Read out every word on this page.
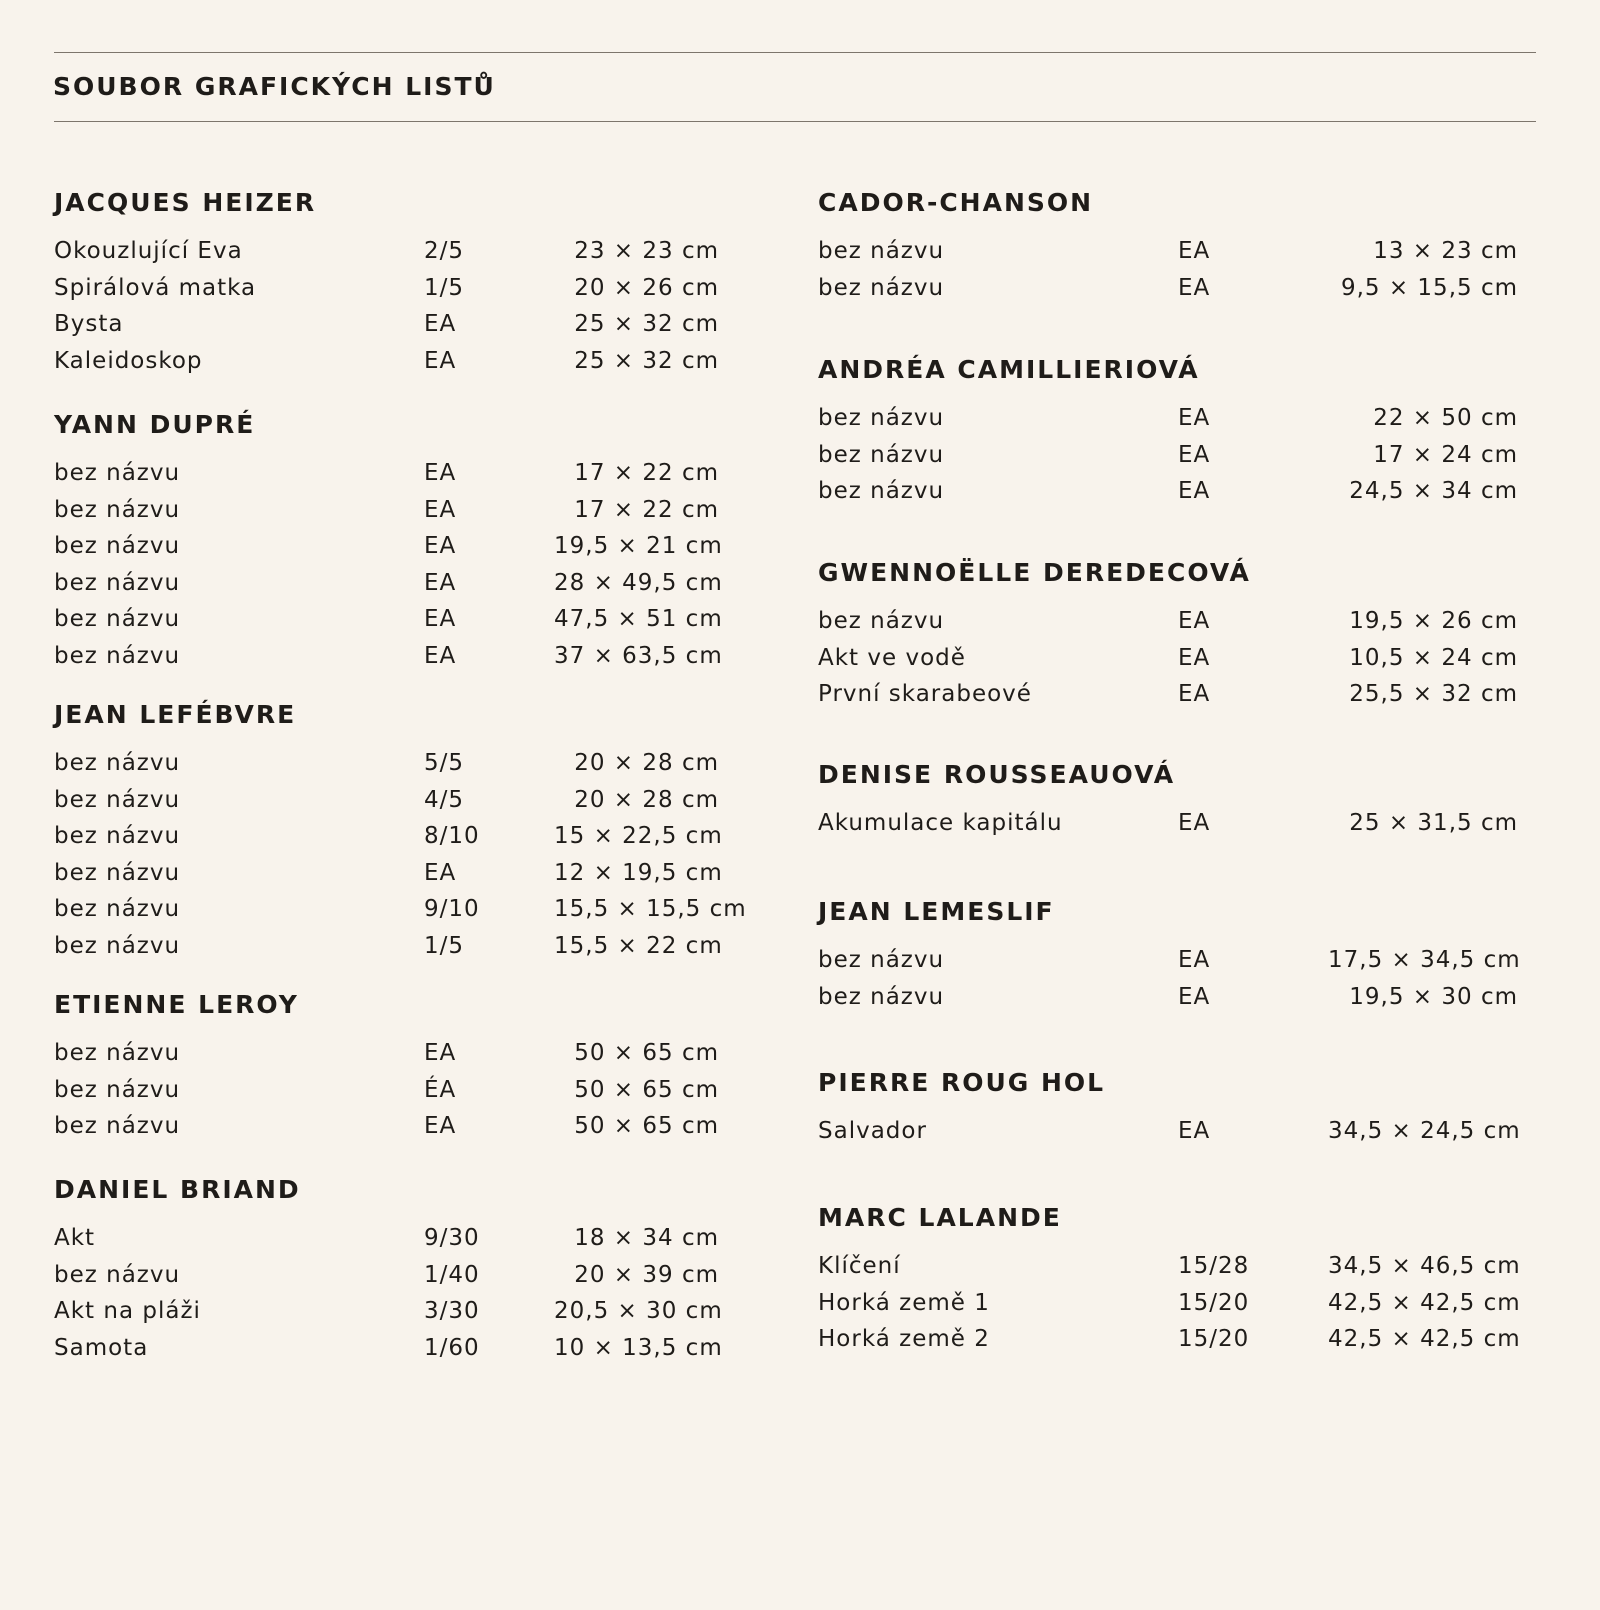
SOUBOR GRAFICKÝCH LISTŮ
JACQUES HEIZER
Okouzlující Eva	2/5	23 × 23 cm
Spirálová matka	1/5	20 × 26 cm
Bysta	EA	25 × 32 cm
Kaleidoskop	EA	25 × 32 cm
YANN DUPRÉ
bez názvu	EA	17 × 22 cm
bez názvu	EA	17 × 22 cm
bez názvu	EA	19,5 × 21 cm
bez názvu	EA	28 × 49,5 cm
bez názvu	EA	47,5 × 51 cm
bez názvu	EA	37 × 63,5 cm
JEAN LEFÉBVRE
bez názvu	5/5	20 × 28 cm
bez názvu	4/5	20 × 28 cm
bez názvu	8/10	15 × 22,5 cm
bez názvu	EA	12 × 19,5 cm
bez názvu	9/10	15,5 × 15,5 cm
bez názvu	1/5	15,5 × 22 cm
ETIENNE LEROY
bez názvu	EA	50 × 65 cm
bez názvu	ÉA	50 × 65 cm
bez názvu	EA	50 × 65 cm
DANIEL BRIAND
Akt	9/30	18 × 34 cm
bez názvu	1/40	20 × 39 cm
Akt na pláži	3/30	20,5 × 30 cm
Samota	1/60	10 × 13,5 cm
CADOR-CHANSON
bez názvu	EA	13 × 23 cm
bez názvu	EA	9,5 × 15,5 cm
ANDRÉA CAMILLIERIOVÁ
bez názvu	EA	22 × 50 cm
bez názvu	EA	17 × 24 cm
bez názvu	EA	24,5 × 34 cm
GWENNOËLLE DEREDECOVÁ
bez názvu	EA	19,5 × 26 cm
Akt ve vodě	EA	10,5 × 24 cm
První skarabeové	EA	25,5 × 32 cm
DENISE ROUSSEAUOVÁ
Akumulace kapitálu	EA	25 × 31,5 cm
JEAN LEMESLIF
bez názvu	EA	17,5 × 34,5 cm
bez názvu	EA	19,5 × 30 cm
PIERRE ROUG HOL
Salvador	EA	34,5 × 24,5 cm
MARC LALANDE
Klíčení	15/28	34,5 × 46,5 cm
Horká země 1	15/20	42,5 × 42,5 cm
Horká země 2	15/20	42,5 × 42,5 cm
